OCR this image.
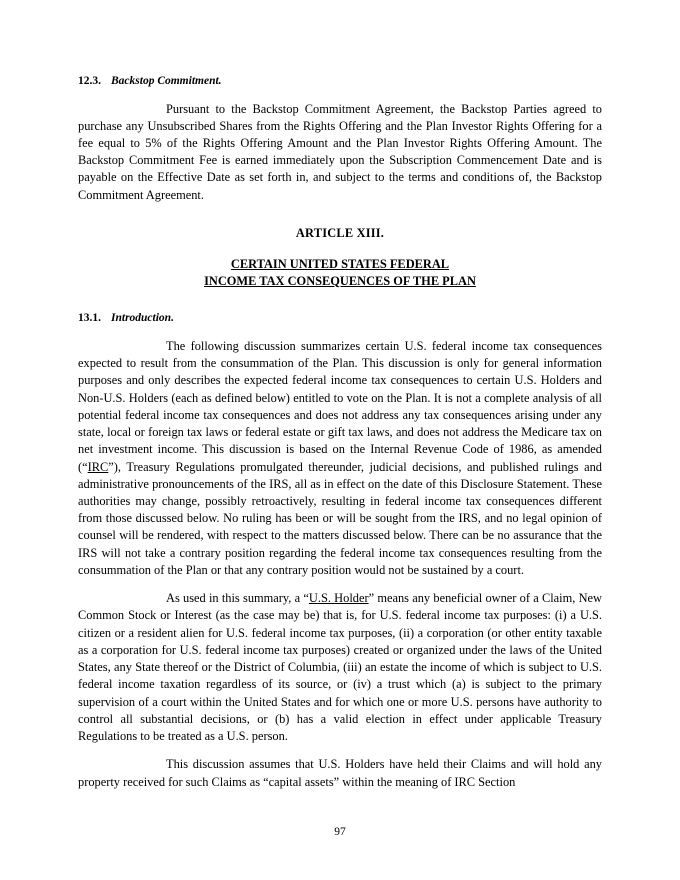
12.3. Backstop Commitment.

Pursuant to the Backstop Commitment Agreement, the Backstop Parties agreed to purchase any Unsubscribed Shares from the Rights Offering and the Plan Investor Rights Offering for a fee equal to 5% of the Rights Offering Amount and the Plan Investor Rights Offering Amount. The Backstop Commitment Fee is earned immediately upon the Subscription Commencement Date and is payable on the Effective Date as set forth in, and subject to the terms and conditions of, the Backstop Commitment Agreement.

ARTICLE XIII.
CERTAIN UNITED STATES FEDERAL
INCOME TAX CONSEQUENCES OF THE PLAN
13.1. Introduction.

The following discussion summarizes certain U.S. federal income tax consequences expected to result from the consummation of the Plan. This discussion is only for general information purposes and only describes the expected federal income tax consequences to certain U.S. Holders and Non-U.S. Holders (each as defined below) entitled to vote on the Plan. It is not a complete analysis of all potential federal income tax consequences and does not address any tax consequences arising under any state, local or foreign tax laws or federal estate or gift tax laws, and does not address the Medicare tax on net investment income. This discussion is based on the Internal Revenue Code of 1986, as amended (“IRC”), Treasury Regulations promulgated thereunder, judicial decisions, and published rulings and administrative pronouncements of the IRS, all as in effect on the date of this Disclosure Statement. These authorities may change, possibly retroactively, resulting in federal income tax consequences different from those discussed below. No ruling has been or will be sought from the IRS, and no legal opinion of counsel will be rendered, with respect to the matters discussed below. There can be no assurance that the IRS will not take a contrary position regarding the federal income tax consequences resulting from the consummation of the Plan or that any contrary position would not be sustained by a court.

As used in this summary, a “U.S. Holder” means any beneficial owner of a Claim, New Common Stock or Interest (as the case may be) that is, for U.S. federal income tax purposes: (i) a U.S. citizen or a resident alien for U.S. federal income tax purposes, (ii) a corporation (or other entity taxable as a corporation for U.S. federal income tax purposes) created or organized under the laws of the United States, any State thereof or the District of Columbia, (iii) an estate the income of which is subject to U.S. federal income taxation regardless of its source, or (iv) a trust which (a) is subject to the primary supervision of a court within the United States and for which one or more U.S. persons have authority to control all substantial decisions, or (b) has a valid election in effect under applicable Treasury Regulations to be treated as a U.S. person.

This discussion assumes that U.S. Holders have held their Claims and will hold any property received for such Claims as “capital assets” within the meaning of IRC Section

97
